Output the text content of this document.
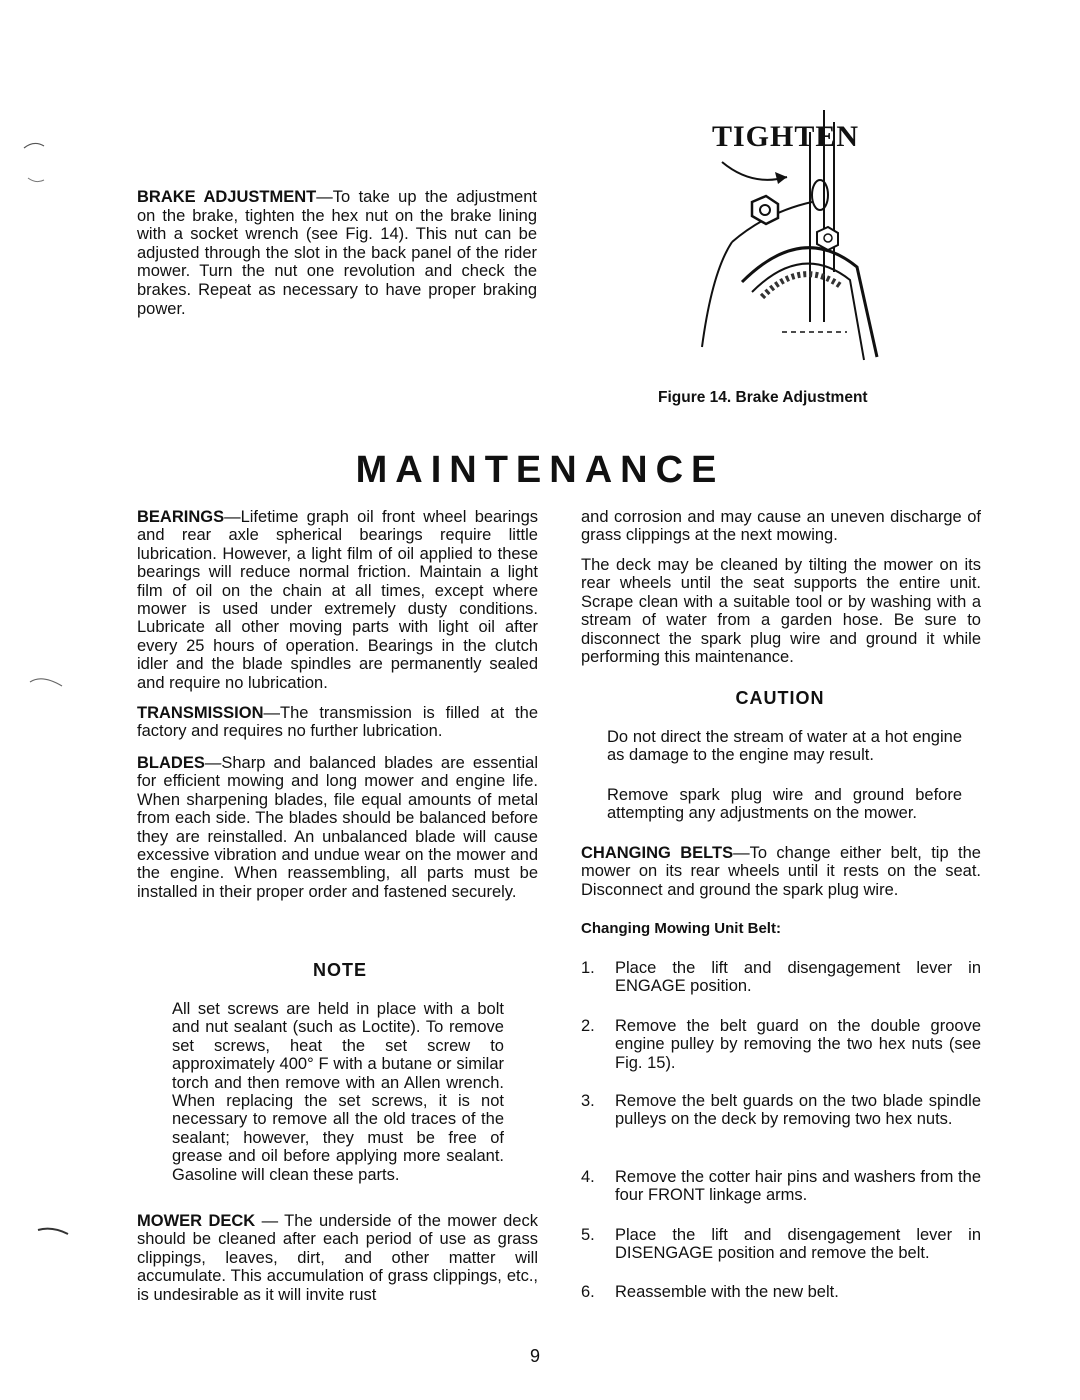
BRAKE ADJUSTMENT—To take up the adjustment on the brake, tighten the hex nut on the brake lining with a socket wrench (see Fig. 14). This nut can be adjusted through the slot in the back panel of the rider mower. Turn the nut one revolution and check the brakes. Repeat as necessary to have proper braking power.

TIGHTEN

Figure 14. Brake Adjustment

MAINTENANCE

BEARINGS—Lifetime graph oil front wheel bearings and rear axle spherical bearings require little lubrication. However, a light film of oil applied to these bearings will reduce normal friction. Maintain a light film of oil on the chain at all times, except where mower is used under extremely dusty conditions. Lubricate all other moving parts with light oil after every 25 hours of operation. Bearings in the clutch idler and the blade spindles are permanently sealed and require no lubrication.

TRANSMISSION—The transmission is filled at the factory and requires no further lubrication.

BLADES—Sharp and balanced blades are essential for efficient mowing and long mower and engine life. When sharpening blades, file equal amounts of metal from each side. The blades should be balanced before they are reinstalled. An unbalanced blade will cause excessive vibration and undue wear on the mower and the engine. When reassembling, all parts must be installed in their proper order and fastened securely.

NOTE

All set screws are held in place with a bolt and nut sealant (such as Loctite). To remove set screws, heat the set screw to approximately 400° F with a butane or similar torch and then remove with an Allen wrench. When replacing the set screws, it is not necessary to remove all the old traces of the sealant; however, they must be free of grease and oil before applying more sealant. Gasoline will clean these parts.

MOWER DECK — The underside of the mower deck should be cleaned after each period of use as grass clippings, leaves, dirt, and other matter will accumulate. This accumulation of grass clippings, etc., is undesirable as it will invite rust

and corrosion and may cause an uneven discharge of grass clippings at the next mowing.

The deck may be cleaned by tilting the mower on its rear wheels until the seat supports the entire unit. Scrape clean with a suitable tool or by washing with a stream of water from a garden hose. Be sure to disconnect the spark plug wire and ground it while performing this maintenance.

CAUTION

Do not direct the stream of water at a hot engine as damage to the engine may result.

Remove spark plug wire and ground before attempting any adjustments on the mower.

CHANGING BELTS—To change either belt, tip the mower on its rear wheels until it rests on the seat. Disconnect and ground the spark plug wire.

Changing Mowing Unit Belt:

1. Place the lift and disengagement lever in ENGAGE position.
2. Remove the belt guard on the double groove engine pulley by removing the two hex nuts (see Fig. 15).
3. Remove the belt guards on the two blade spindle pulleys on the deck by removing two hex nuts.
4. Remove the cotter hair pins and washers from the four FRONT linkage arms.
5. Place the lift and disengagement lever in DISENGAGE position and remove the belt.
6. Reassemble with the new belt.

9
